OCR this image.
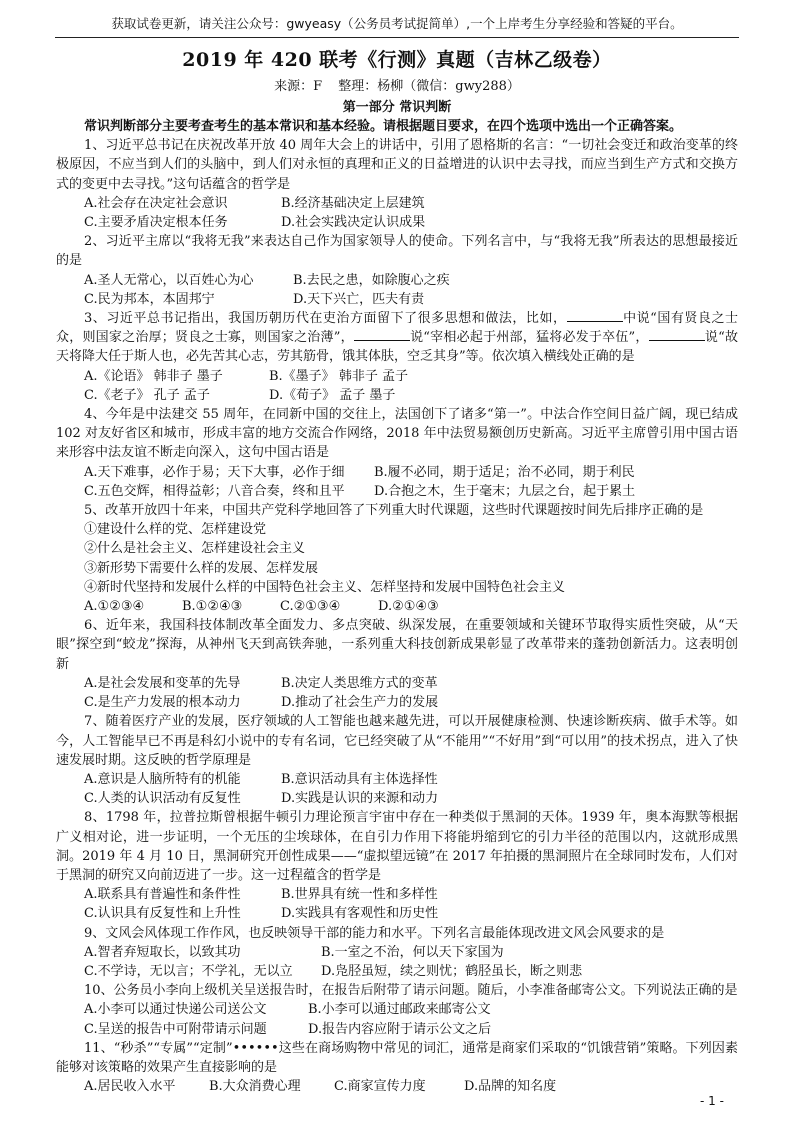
获取试卷更新，请关注公众号：gwyeasy（公务员考试捉简单）,一个上岸考生分享经验和答疑的平台。
2019 年 420 联考《行测》真题（吉林乙级卷）
来源：F 整理：杨柳（微信：gwy288）
第一部分 常识判断

常识判断部分主要考查考生的基本常识和基本经验。请根据题目要求，在四个选项中选出一个正确答案。

1、习近平总书记在庆祝改革开放 40 周年大会上的讲话中，引用了恩格斯的名言：“一切社会变迁和政治变革的终极原因，不应当到人们的头脑中，到人们对永恒的真理和正义的日益增进的认识中去寻找，而应当到生产方式和交换方式的变更中去寻找。”这句话蕴含的哲学是

A.社会存在决定社会意识	B.经济基础决定上层建筑
C.主要矛盾决定根本任务	D.社会实践决定认识成果

2、习近平主席以“我将无我”来表达自己作为国家领导人的使命。下列名言中，与“我将无我”所表达的思想最接近的是

A.圣人无常心，以百姓心为心	B.去民之患，如除腹心之疾
C.民为邦本，本固邦宁	D.天下兴亡，匹夫有责

3、习近平总书记指出，我国历朝历代在吏治方面留下了很多思想和做法，比如，	中说“国有贤良之士众，则国家之治厚；贤良之士寡，则国家之治薄”，	说“宰相必起于州部，猛将必发于卒伍”，	说“故天将降大任于斯人也，必先苦其心志，劳其筋骨，饿其体肤，空乏其身”等。依次填入横线处正确的是

A.《论语》 韩非子 墨子	B.《墨子》 韩非子 孟子
C.《老子》 孔子 孟子	D.《荀子》 孟子 墨子

4、今年是中法建交 55 周年，在同新中国的交往上，法国创下了诸多“第一”。中法合作空间日益广阔，现已结成 102 对友好省区和城市，形成丰富的地方交流合作网络，2018 年中法贸易额创历史新高。习近平主席曾引用中国古语来形容中法友谊不断走向深入，这句中国古语是

A.天下难事，必作于易；天下大事，必作于细	B.履不必同，期于适足；治不必同，期于利民
C.五色交辉，相得益彰；八音合奏，终和且平	D.合抱之木，生于毫末；九层之台，起于累土

5、改革开放四十年来，中国共产党科学地回答了下列重大时代课题，这些时代课题按时间先后排序正确的是

①建设什么样的党、怎样建设党
②什么是社会主义、怎样建设社会主义
③新形势下需要什么样的发展、怎样发展
④新时代坚持和发展什么样的中国特色社会主义、怎样坚持和发展中国特色社会主义
A.①②③④	B.①②④③	C.②①③④	D.②①④③

6、近年来，我国科技体制改革全面发力、多点突破、纵深发展，在重要领域和关键环节取得实质性突破，从“天眼”探空到“蛟龙”探海，从神州飞天到高铁奔驰，一系列重大科技创新成果彰显了改革带来的蓬勃创新活力。这表明创新

A.是社会发展和变革的先导	B.决定人类思维方式的变革
C.是生产力发展的根本动力	D.推动了社会生产力的发展

7、随着医疗产业的发展，医疗领域的人工智能也越来越先进，可以开展健康检测、快速诊断疾病、做手术等。如今，人工智能早已不再是科幻小说中的专有名词，它已经突破了从“不能用”“不好用”到“可以用”的技术拐点，进入了快速发展时期。这反映的哲学原理是

A.意识是人脑所特有的机能	B.意识活动具有主体选择性
C.人类的认识活动有反复性	D.实践是认识的来源和动力

8、1798 年，拉普拉斯曾根据牛顿引力理论预言宇宙中存在一种类似于黑洞的天体。1939 年，奥本海默等根据广义相对论，进一步证明，一个无压的尘埃球体，在自引力作用下将能坍缩到它的引力半径的范围以内，这就形成黑洞。2019 年 4 月 10 日，黑洞研究开创性成果——“虚拟望远镜”在 2017 年拍摄的黑洞照片在全球同时发布，人们对于黑洞的研究又向前迈进了一步。这一过程蕴含的哲学是

A.联系具有普遍性和条件性	B.世界具有统一性和多样性
C.认识具有反复性和上升性	D.实践具有客观性和历史性

9、文风会风体现工作作风，也反映领导干部的能力和水平。下列名言最能体现改进文风会风要求的是

A.智者弃短取长，以致其功	B.一室之不治，何以天下家国为
C.不学诗，无以言；不学礼，无以立	D.凫胫虽短，续之则忧；鹤胫虽长，断之则悲

10、公务员小李向上级机关呈送报告时，在报告后附带了请示问题。随后，小李准备邮寄公文。下列说法正确的是

A.小李可以通过快递公司送公文	B.小李可以通过邮政来邮寄公文
C.呈送的报告中可附带请示问题	D.报告内容应附于请示公文之后

11、“秒杀”“专属”“定制”••••••这些在商场购物中常见的词汇，通常是商家们采取的“饥饿营销”策略。下列因素能够对该策略的效果产生直接影响的是

A.居民收入水平	B.大众消费心理	C.商家宣传力度	D.品牌的知名度
- 1 -
